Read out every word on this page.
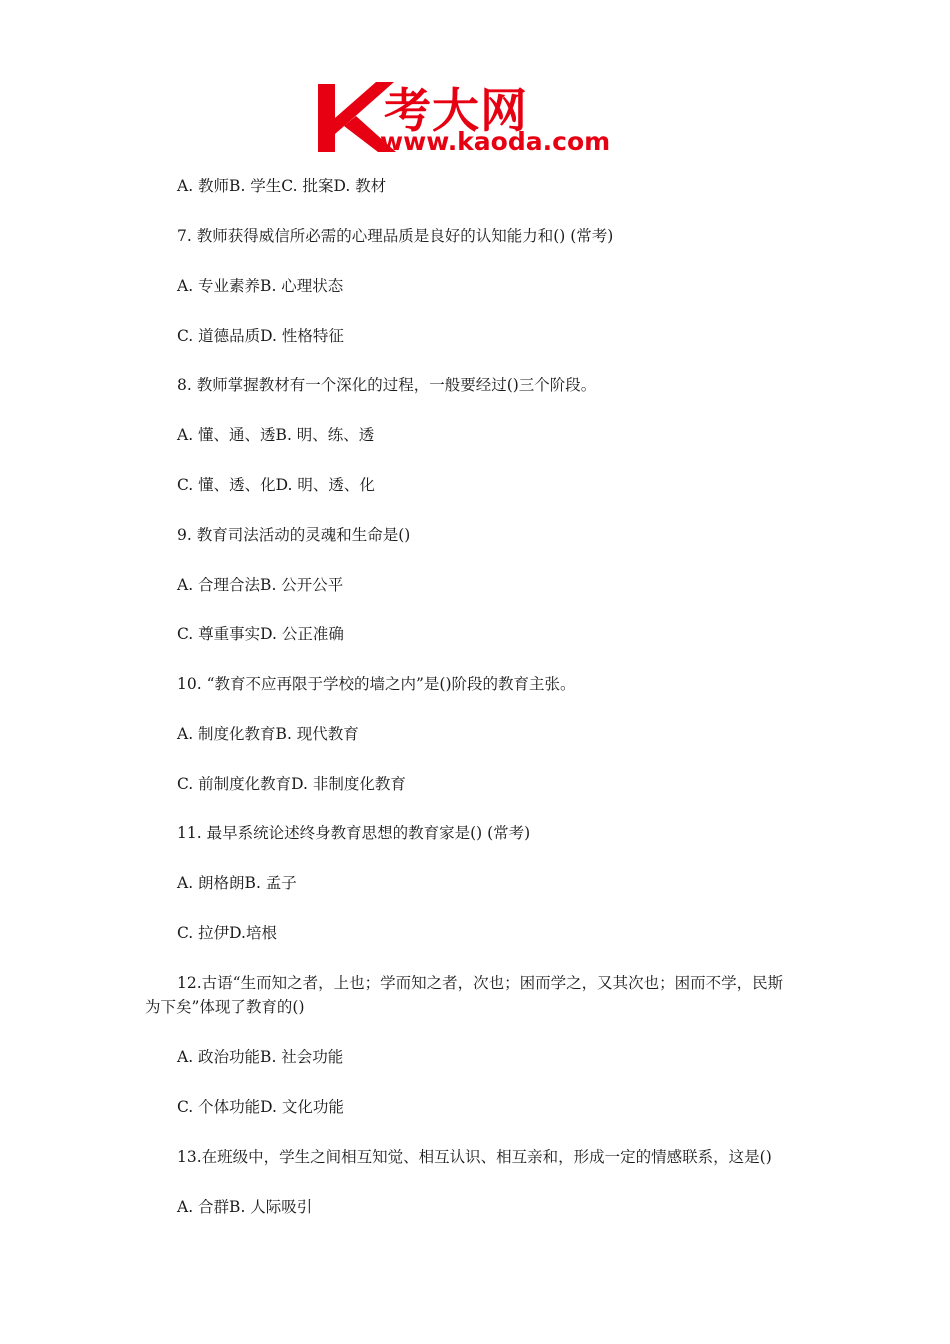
考大网
www.kaoda.com
A. 教师B. 学生C. 批案D. 教材
7. 教师获得威信所必需的心理品质是良好的认知能力和() (常考)
A. 专业素养B. 心理状态
C. 道德品质D. 性格特征
8. 教师掌握教材有一个深化的过程，一般要经过()三个阶段。
A. 懂、通、透B. 明、练、透
C. 懂、透、化D. 明、透、化
9. 教育司法活动的灵魂和生命是()
A. 合理合法B. 公开公平
C. 尊重事实D. 公正准确
10. “教育不应再限于学校的墙之内”是()阶段的教育主张。
A. 制度化教育B. 现代教育
C. 前制度化教育D. 非制度化教育
11. 最早系统论述终身教育思想的教育家是() (常考)
A. 朗格朗B. 孟子
C. 拉伊D.培根
12.古语“生而知之者，上也；学而知之者，次也；困而学之，又其次也；困而不学，民斯
为下矣”体现了教育的()
A. 政治功能B. 社会功能
C. 个体功能D. 文化功能
13.在班级中，学生之间相互知觉、相互认识、相互亲和，形成一定的情感联系，这是()
A. 合群B. 人际吸引
